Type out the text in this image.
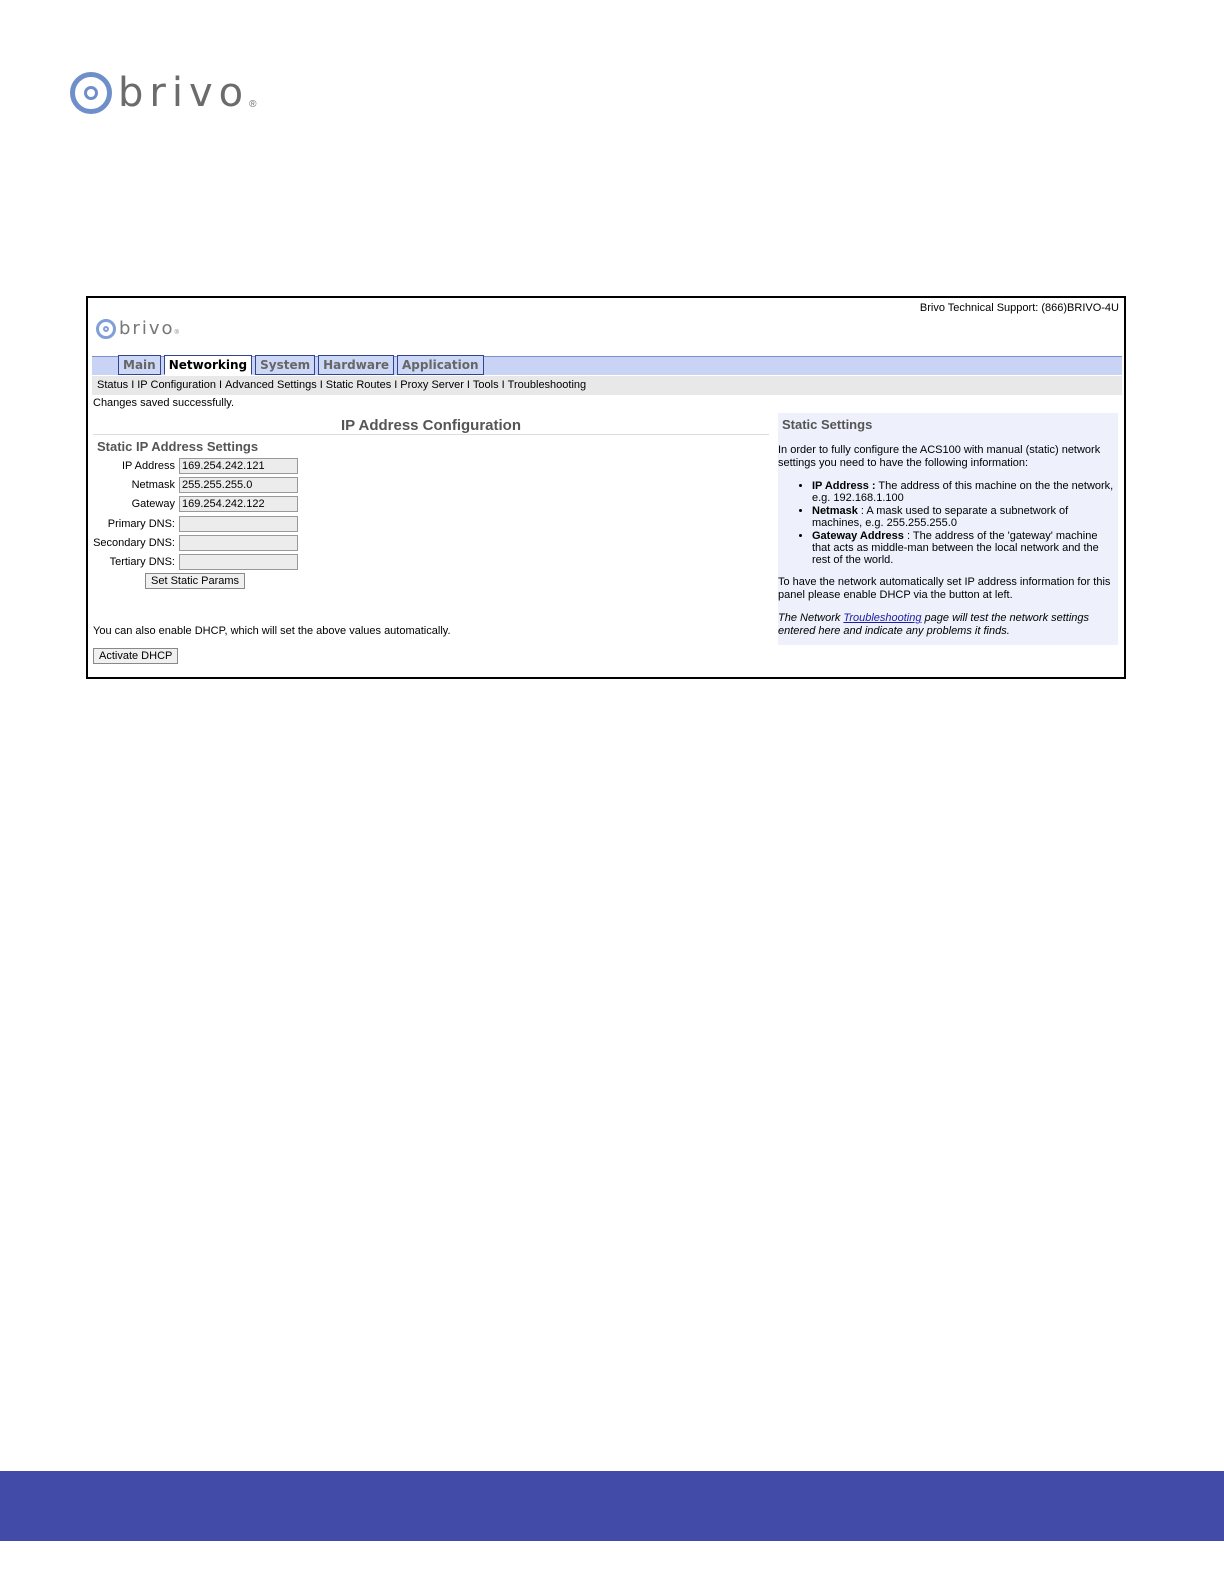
brivo ®
Brivo Technical Support: (866)BRIVO-4U
brivo ®
Main	Networking	System	Hardware	Application
Status I IP Configuration I Advanced Settings I Static Routes I Proxy Server I Tools I Troubleshooting
Changes saved successfully.
IP Address Configuration
Static IP Address Settings
IP Address 169.254.242.121
Netmask 255.255.255.0
Gateway 169.254.242.122
Primary DNS:
Secondary DNS:
Tertiary DNS:
Set Static Params
You can also enable DHCP, which will set the above values automatically.
Activate DHCP
Static Settings

In order to fully configure the ACS100 with manual (static) network settings you need to have the following information:

• IP Address : The address of this machine on the the network, e.g. 192.168.1.100
• Netmask : A mask used to separate a subnetwork of machines, e.g. 255.255.255.0
• Gateway Address : The address of the 'gateway' machine that acts as middle-man between the local network and the rest of the world.

To have the network automatically set IP address information for this panel please enable DHCP via the button at left.

The Network Troubleshooting page will test the network settings entered here and indicate any problems it finds.
